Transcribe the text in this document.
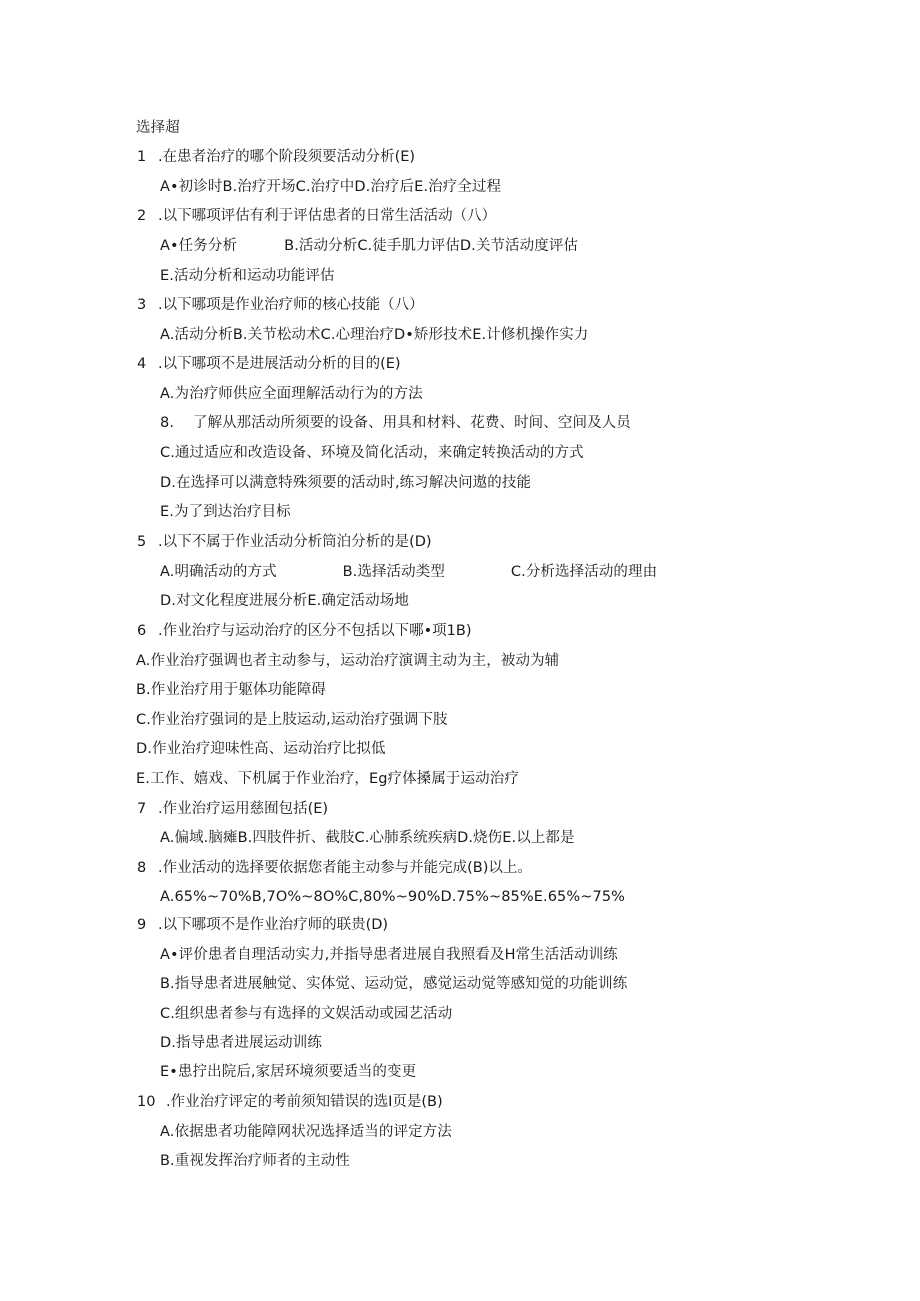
选择超
1 .在患者治疗的哪个阶段须要活动分析(E)
A•初诊时B.治疗开场C.治疗中D.治疗后E.治疗全过程
2 .以下哪项评估有利于评估患者的日常生活活动（八）
A•任务分析          B.活动分析C.徒手肌力评估D.关节活动度评估
E.活动分析和运动功能评估
3 .以下哪项是作业治疗师的核心技能（八）
A.活动分析B.关节松动术C.心理治疗D•矫形技术E.计修机操作实力
4 .以下哪项不是进展活动分析的目的(E)
A.为治疗师供应全面理解活动行为的方法
8.    了解从那活动所须要的设备、用具和材料、花费、时间、空间及人员
C.通过适应和改造设备、环境及简化活动，来确定转换活动的方式
D.在选择可以满意特殊须要的活动时,练习解决问遨的技能
E.为了到达治疗目标
5 .以下不属于作业活动分析筒泊分析的是(D)
A.明确活动的方式              B.选择活动类型              C.分析选择活动的理由
D.对文化程度进展分析E.确定活动场地
6 .作业治疗与运动治疗的区分不包括以下哪•项1B)
A.作业治疗强调也者主动参与，运动治疗演调主动为主，被动为辅
B.作业治疗用于躯体功能障碍
C.作业治疗强词的是上肢运动,运动治疗强调下肢
D.作业治疗迎味性高、运动治疗比拟低
E.工作、嬉戏、下机属于作业治疗，Eg疗体搡属于运动治疗
7 .作业治疗运用慈囿包括(E)
A.偏域.脑瘫B.四肢件折、截肢C.心肺系统疾病D.烧伤E.以上都是
8 .作业活动的选择要依据您者能主动参与并能完成(B)以上。
A.65%~70%B,7O%~8O%C,80%~90%D.75%~85%E.65%~75%
9 .以下哪项不是作业治疗师的联贵(D)
A•评价患者自理活动实力,并指导患者进展自我照看及H常生活活动训练
B.指导患者进展触觉、实体觉、运动觉，感觉运动觉等感知觉的功能训练
C.组织患者参与有选择的文娱活动或园艺活动
D.指导患者进展运动训练
E•患拧出院后,家居环境须要适当的变更
10 .作业治疗评定的考前须知错误的选I页是(B)
A.依据患者功能障网状况选择适当的评定方法
B.重视发挥治疗师者的主动性
